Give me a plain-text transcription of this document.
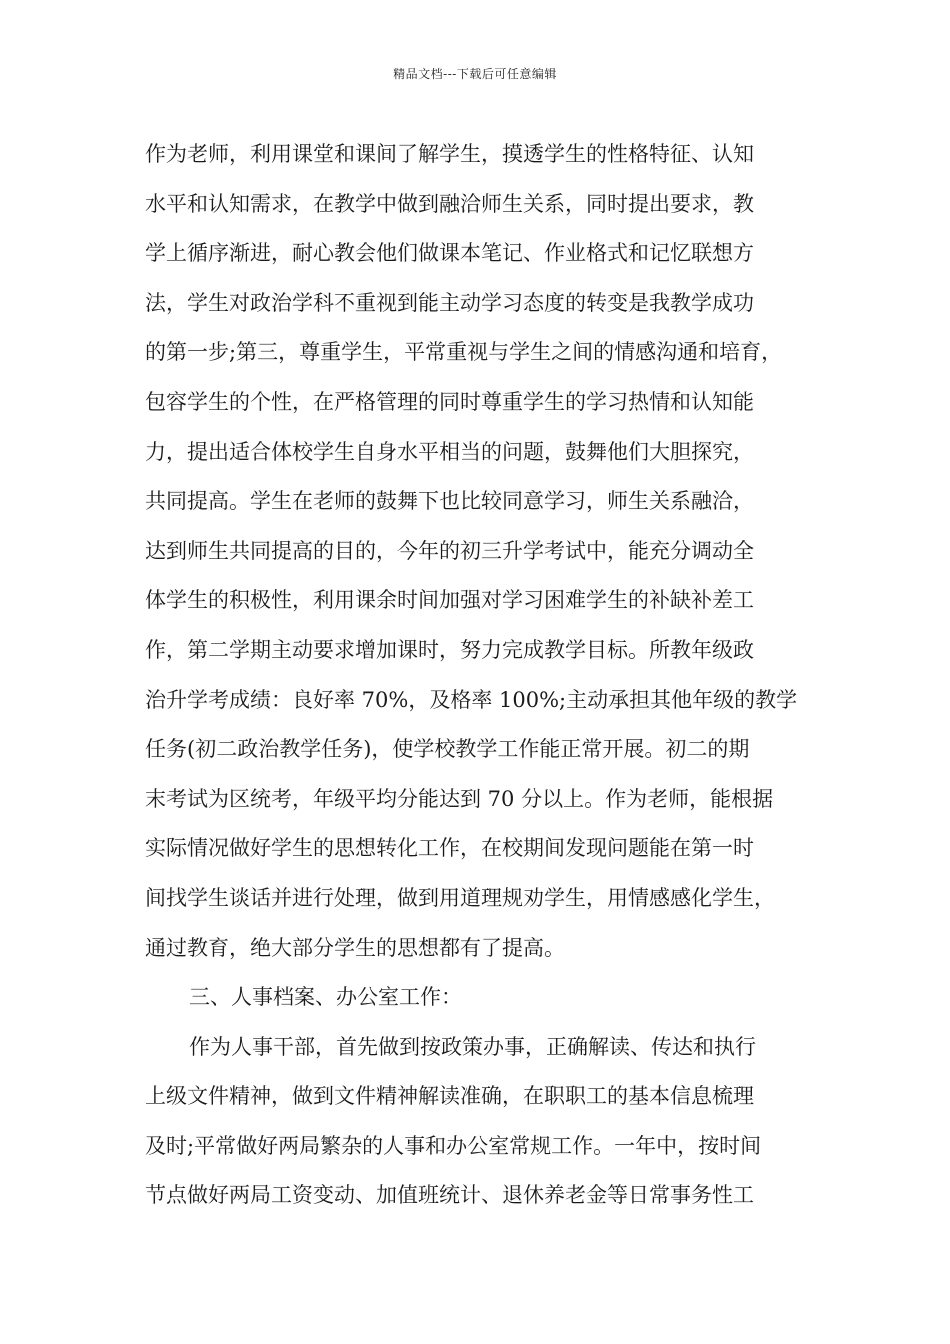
精品文档---下载后可任意编辑
作为老师，利用课堂和课间了解学生，摸透学生的性格特征、认知
水平和认知需求，在教学中做到融洽师生关系，同时提出要求，教
学上循序渐进，耐心教会他们做课本笔记、作业格式和记忆联想方
法，学生对政治学科不重视到能主动学习态度的转变是我教学成功
的第一步;第三，尊重学生，平常重视与学生之间的情感沟通和培育，
包容学生的个性，在严格管理的同时尊重学生的学习热情和认知能
力，提出适合体校学生自身水平相当的问题，鼓舞他们大胆探究，
共同提高。学生在老师的鼓舞下也比较同意学习，师生关系融洽，
达到师生共同提高的目的，今年的初三升学考试中，能充分调动全
体学生的积极性，利用课余时间加强对学习困难学生的补缺补差工
作，第二学期主动要求增加课时，努力完成教学目标。所教年级政
治升学考成绩：良好率 70%，及格率 100%;主动承担其他年级的教学
任务(初二政治教学任务)，使学校教学工作能正常开展。初二的期
末考试为区统考，年级平均分能达到 70 分以上。作为老师，能根据
实际情况做好学生的思想转化工作，在校期间发现问题能在第一时
间找学生谈话并进行处理，做到用道理规劝学生，用情感感化学生，
通过教育，绝大部分学生的思想都有了提高。
三、人事档案、办公室工作：
作为人事干部，首先做到按政策办事，正确解读、传达和执行
上级文件精神，做到文件精神解读准确，在职职工的基本信息梳理
及时;平常做好两局繁杂的人事和办公室常规工作。一年中，按时间
节点做好两局工资变动、加值班统计、退休养老金等日常事务性工
